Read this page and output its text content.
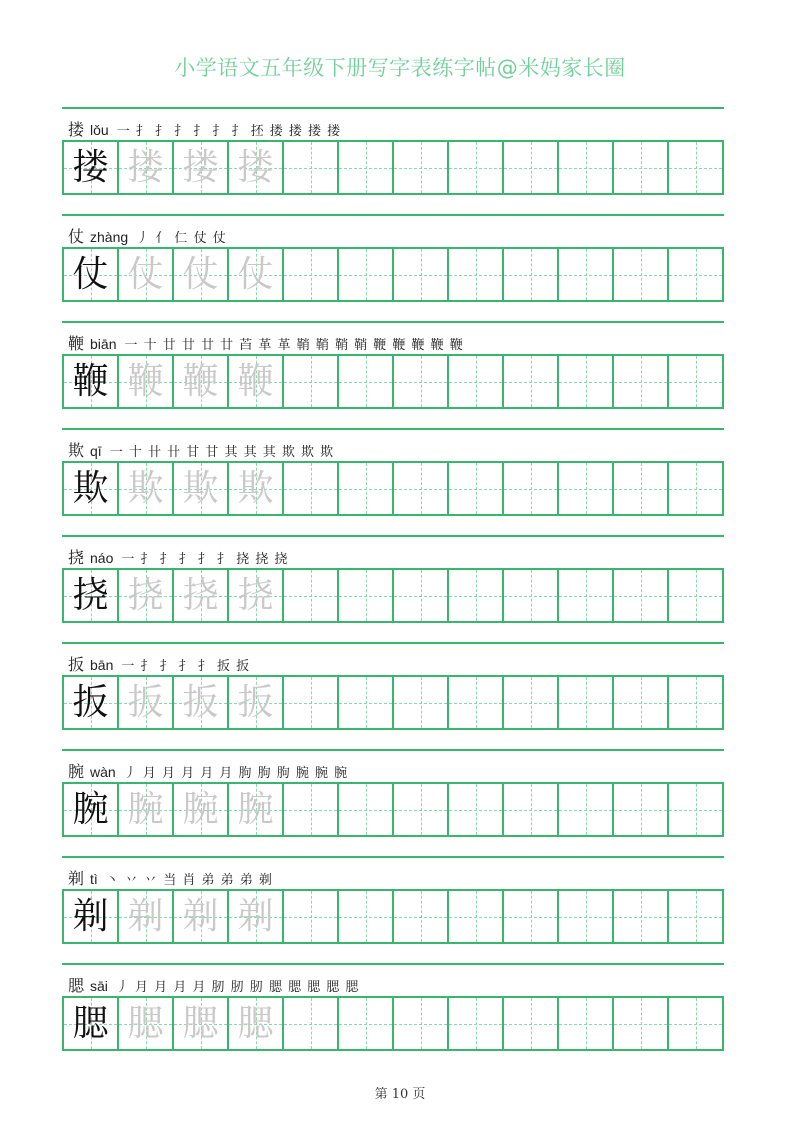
小学语文五年级下册写字表练字帖@米妈家长圈
搂 lǒu 一 扌 扌 扌 扌 扌 扌 抷 搂 搂 搂 搂
搂 搂 搂 搂
仗 zhàng 丿 亻 仁 仗 仗
仗 仗 仗 仗
鞭 biān 一 十 廿 廿 廿 廿 苩 革 革 鞘 鞘 鞘 鞘 鞭 鞭 鞭 鞭 鞭
鞭 鞭 鞭 鞭
欺 qī 一 十 卄 卄 甘 甘 其 其 其 欺 欺 欺
欺 欺 欺 欺
挠 náo 一 扌 扌 扌 扌 扌 挠 挠 挠
挠 挠 挠 挠
扳 bān 一 扌 扌 扌 扌 扳 扳
扳 扳 扳 扳
腕 wàn 丿 月 月 月 月 月 朐 朐 朐 腕 腕 腕
腕 腕 腕 腕
剃 tì 丶 丷 丷 当 肖 弟 弟 弟 剃
剃 剃 剃 剃
腮 sāi 丿 月 月 月 月 肕 肕 肕 腮 腮 腮 腮 腮
腮 腮 腮 腮
第 10 页
